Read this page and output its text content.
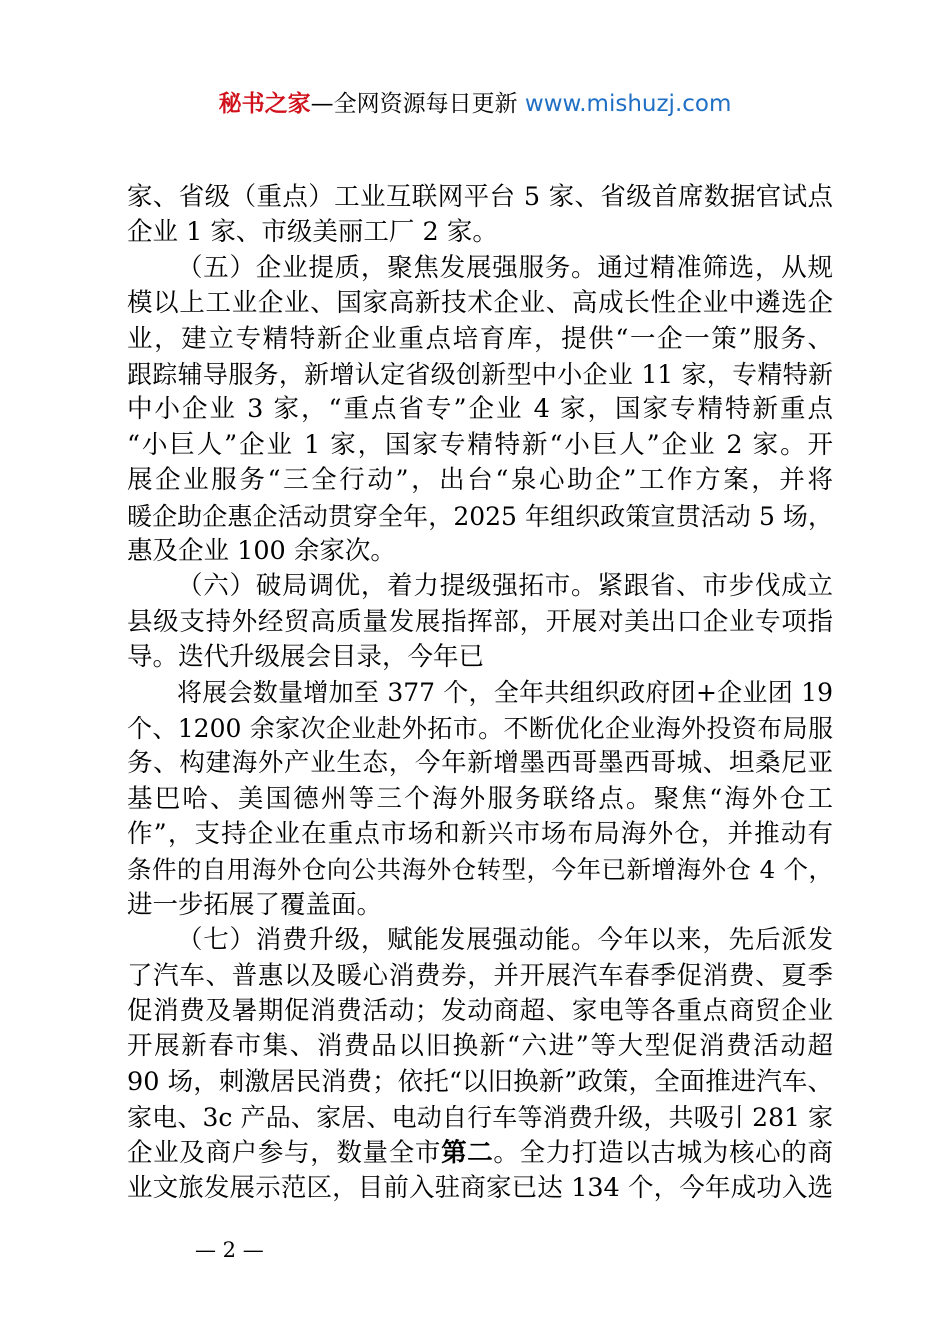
秘书之家—全网资源每日更新 www.mishuzj.com
家、省级（重点）工业互联网平台 5 家、省级首席数据官试点
企业 1 家、市级美丽工厂 2 家。
（五）企业提质，聚焦发展强服务。通过精准筛选，从规
模以上工业企业、国家高新技术企业、高成长性企业中遴选企
业，建立专精特新企业重点培育库，提供“一企一策”服务、
跟踪辅导服务，新增认定省级创新型中小企业 11 家，专精特新
中小企业 3 家，“重点省专”企业 4 家，国家专精特新重点
“小巨人”企业 1 家，国家专精特新“小巨人”企业 2 家。开
展企业服务“三全行动”，出台“泉心助企”工作方案，并将
暖企助企惠企活动贯穿全年，2025 年组织政策宣贯活动 5 场，
惠及企业 100 余家次。
（六）破局调优，着力提级强拓市。紧跟省、市步伐成立
县级支持外经贸高质量发展指挥部，开展对美出口企业专项指
导。迭代升级展会目录，今年已
将展会数量增加至 377 个，全年共组织政府团+企业团 19
个、1200 余家次企业赴外拓市。不断优化企业海外投资布局服
务、构建海外产业生态，今年新增墨西哥墨西哥城、坦桑尼亚
基巴哈、美国德州等三个海外服务联络点。聚焦“海外仓工
作”，支持企业在重点市场和新兴市场布局海外仓，并推动有
条件的自用海外仓向公共海外仓转型，今年已新增海外仓 4 个，
进一步拓展了覆盖面。
（七）消费升级，赋能发展强动能。今年以来，先后派发
了汽车、普惠以及暖心消费券，并开展汽车春季促消费、夏季
促消费及暑期促消费活动；发动商超、家电等各重点商贸企业
开展新春市集、消费品以旧换新“六进”等大型促消费活动超
90 场，刺激居民消费；依托“以旧换新”政策，全面推进汽车、
家电、3c 产品、家居、电动自行车等消费升级，共吸引 281 家
企业及商户参与，数量全市第二。全力打造以古城为核心的商
业文旅发展示范区，目前入驻商家已达 134 个，今年成功入选
— 2 —
